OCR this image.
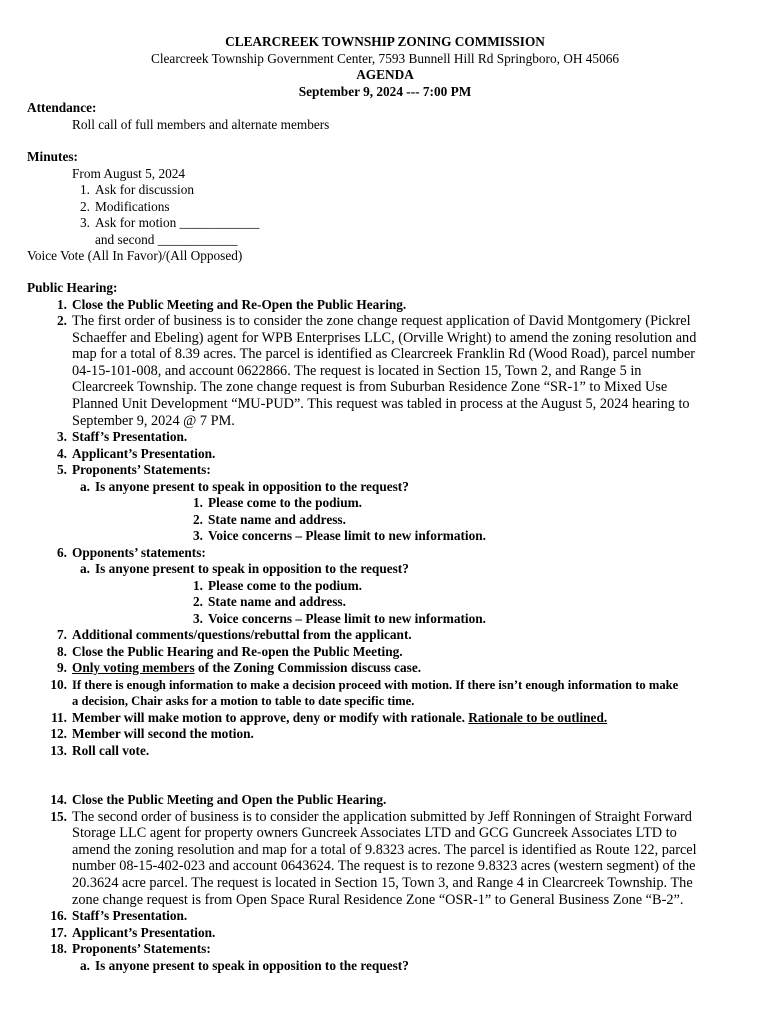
CLEARCREEK TOWNSHIP ZONING COMMISSION
Clearcreek Township Government Center, 7593 Bunnell Hill Rd Springboro, OH 45066
AGENDA
September 9, 2024 --- 7:00 PM
Attendance:
Roll call of full members and alternate members
Minutes:
From August 5, 2024
1. Ask for discussion
2. Modifications
3. Ask for motion ____________
and second ____________
Voice Vote (All In Favor)/(All Opposed)
Public Hearing:
1. Close the Public Meeting and Re-Open the Public Hearing.
2. The first order of business is to consider the zone change request application of David Montgomery (Pickrel
Schaeffer and Ebeling) agent for WPB Enterprises LLC, (Orville Wright) to amend the zoning resolution and
map for a total of 8.39 acres. The parcel is identified as Clearcreek Franklin Rd (Wood Road), parcel number
04-15-101-008, and account 0622866. The request is located in Section 15, Town 2, and Range 5 in
Clearcreek Township. The zone change request is from Suburban Residence Zone “SR-1” to Mixed Use
Planned Unit Development “MU-PUD”. This request was tabled in process at the August 5, 2024 hearing to
September 9, 2024 @ 7 PM.
3. Staff’s Presentation.
4. Applicant’s Presentation.
5. Proponents’ Statements:
a. Is anyone present to speak in opposition to the request?
1. Please come to the podium.
2. State name and address.
3. Voice concerns – Please limit to new information.
6. Opponents’ statements:
a. Is anyone present to speak in opposition to the request?
1. Please come to the podium.
2. State name and address.
3. Voice concerns – Please limit to new information.
7. Additional comments/questions/rebuttal from the applicant.
8. Close the Public Hearing and Re-open the Public Meeting.
9. Only voting members of the Zoning Commission discuss case.
10. If there is enough information to make a decision proceed with motion. If there isn’t enough information to make
a decision, Chair asks for a motion to table to date specific time.
11. Member will make motion to approve, deny or modify with rationale. Rationale to be outlined.
12. Member will second the motion.
13. Roll call vote.
14. Close the Public Meeting and Open the Public Hearing.
15. The second order of business is to consider the application submitted by Jeff Ronningen of Straight Forward
Storage LLC agent for property owners Guncreek Associates LTD and GCG Guncreek Associates LTD to
amend the zoning resolution and map for a total of 9.8323 acres. The parcel is identified as Route 122, parcel
number 08-15-402-023 and account 0643624. The request is to rezone 9.8323 acres (western segment) of the
20.3624 acre parcel. The request is located in Section 15, Town 3, and Range 4 in Clearcreek Township. The
zone change request is from Open Space Rural Residence Zone “OSR-1” to General Business Zone “B-2”.
16. Staff’s Presentation.
17. Applicant’s Presentation.
18. Proponents’ Statements:
a. Is anyone present to speak in opposition to the request?
